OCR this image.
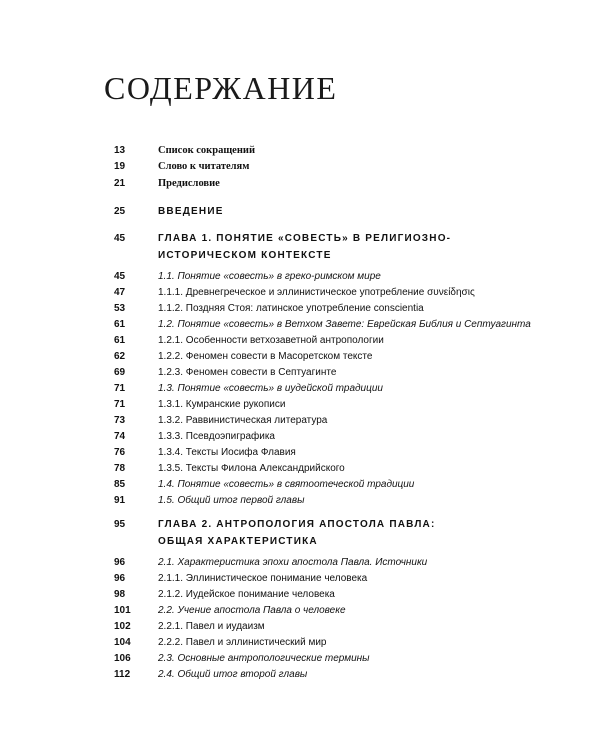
СОДЕРЖАНИЕ
13	Список сокращений
19	Слово к читателям
21	Предисловие
25	ВВЕДЕНИЕ
45	ГЛАВА 1. ПОНЯТИЕ «СОВЕСТЬ» В РЕЛИГИОЗНО-ИСТОРИЧЕСКОМ КОНТЕКСТЕ
45	1.1. Понятие «совесть» в греко-римском мире
47	1.1.1. Древнегреческое и эллинистическое употребление συνείδησις
53	1.1.2. Поздняя Стоя: латинское употребление conscientia
61	1.2. Понятие «совесть» в Ветхом Завете: Еврейская Библия и Септуагинта
61	1.2.1. Особенности ветхозаветной антропологии
62	1.2.2. Феномен совести в Масоретском тексте
69	1.2.3. Феномен совести в Септуагинте
71	1.3. Понятие «совесть» в иудейской традиции
71	1.3.1. Кумранские рукописи
73	1.3.2. Раввинистическая литература
74	1.3.3. Псевдоэпиграфика
76	1.3.4. Тексты Иосифа Флавия
78	1.3.5. Тексты Филона Александрийского
85	1.4. Понятие «совесть» в святоотеческой традиции
91	1.5. Общий итог первой главы
95	ГЛАВА 2. АНТРОПОЛОГИЯ АПОСТОЛА ПАВЛА: ОБЩАЯ ХАРАКТЕРИСТИКА
96	2.1. Характеристика эпохи апостола Павла. Источники
96	2.1.1. Эллинистическое понимание человека
98	2.1.2. Иудейское понимание человека
101	2.2. Учение апостола Павла о человеке
102	2.2.1. Павел и иудаизм
104	2.2.2. Павел и эллинистический мир
106	2.3. Основные антропологические термины
112	2.4. Общий итог второй главы
